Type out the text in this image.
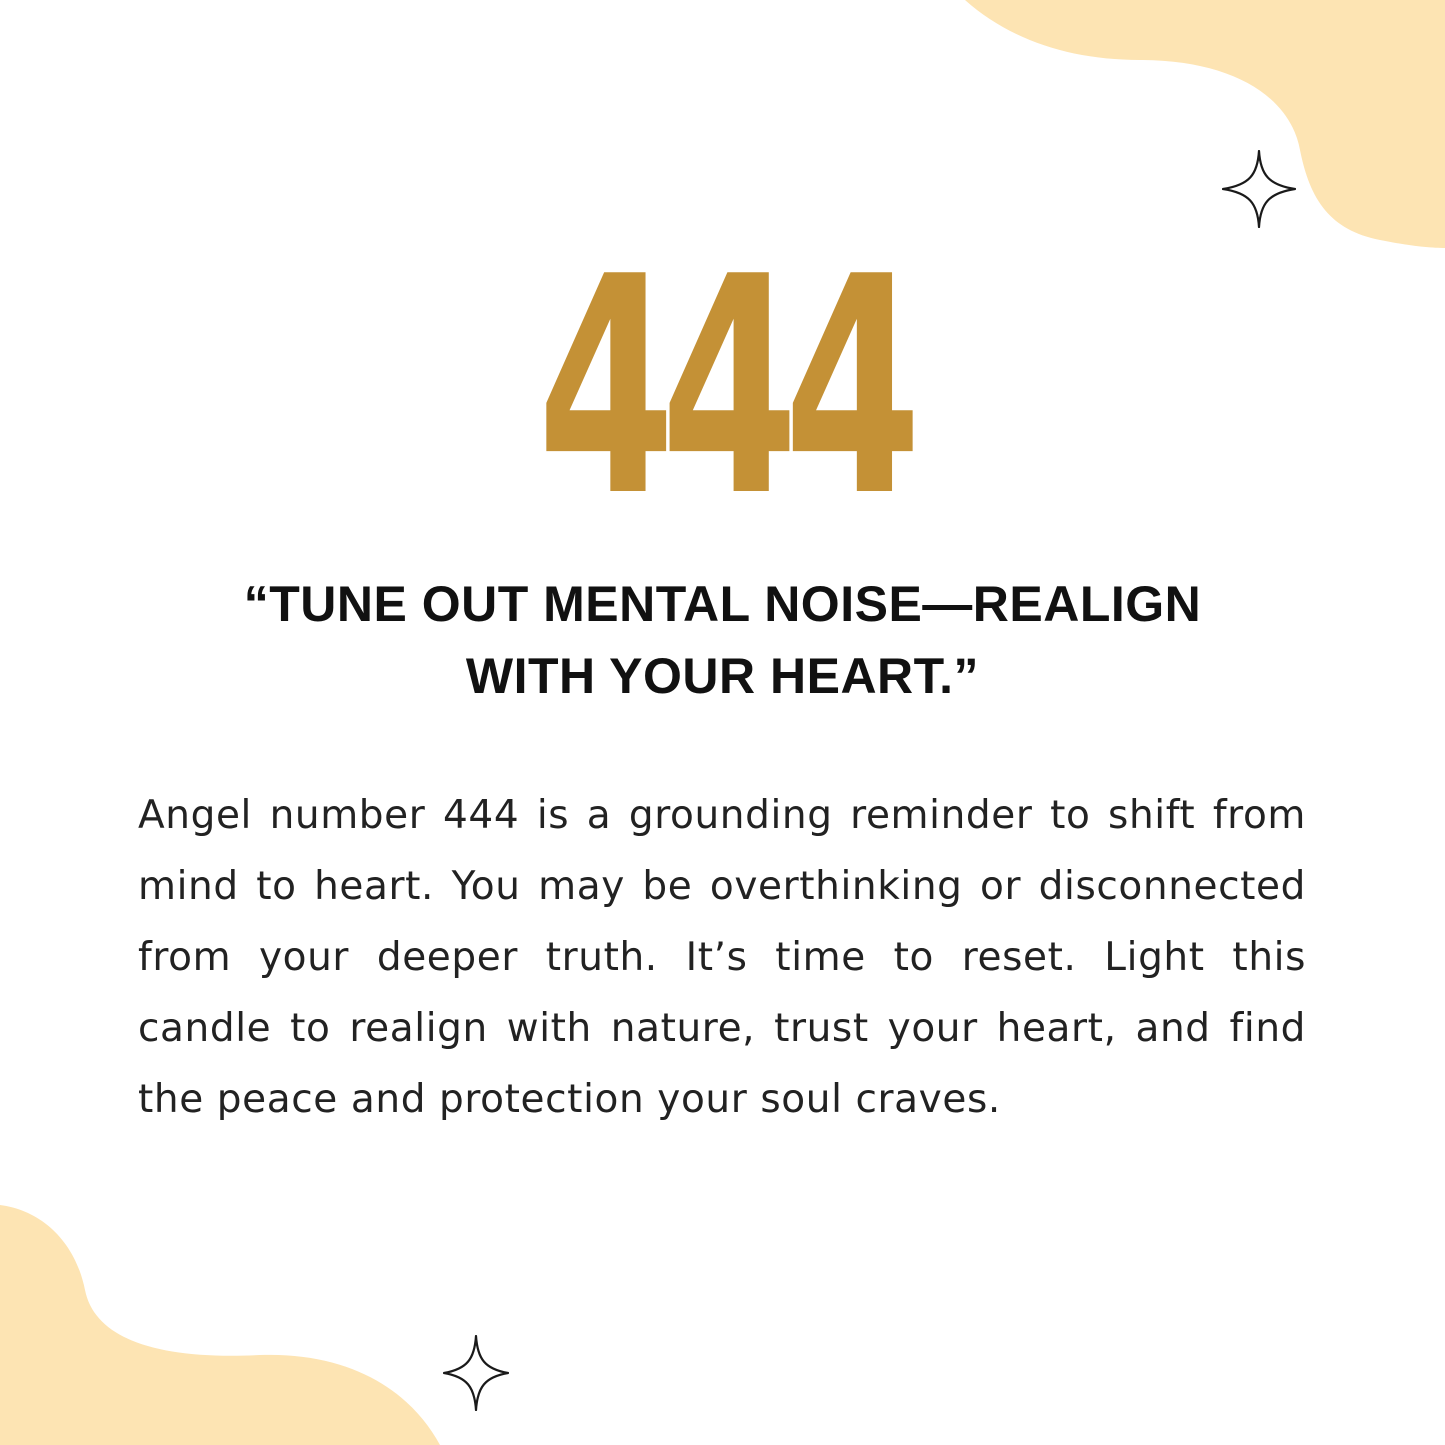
444
“TUNE OUT MENTAL NOISE—REALIGN
WITH YOUR HEART.”

Angel number 444 is a grounding reminder to shift from mind to heart. You may be overthinking or disconnected from your deeper truth. It’s time to reset. Light this candle to realign with nature, trust your heart, and find the peace and protection your soul craves.
